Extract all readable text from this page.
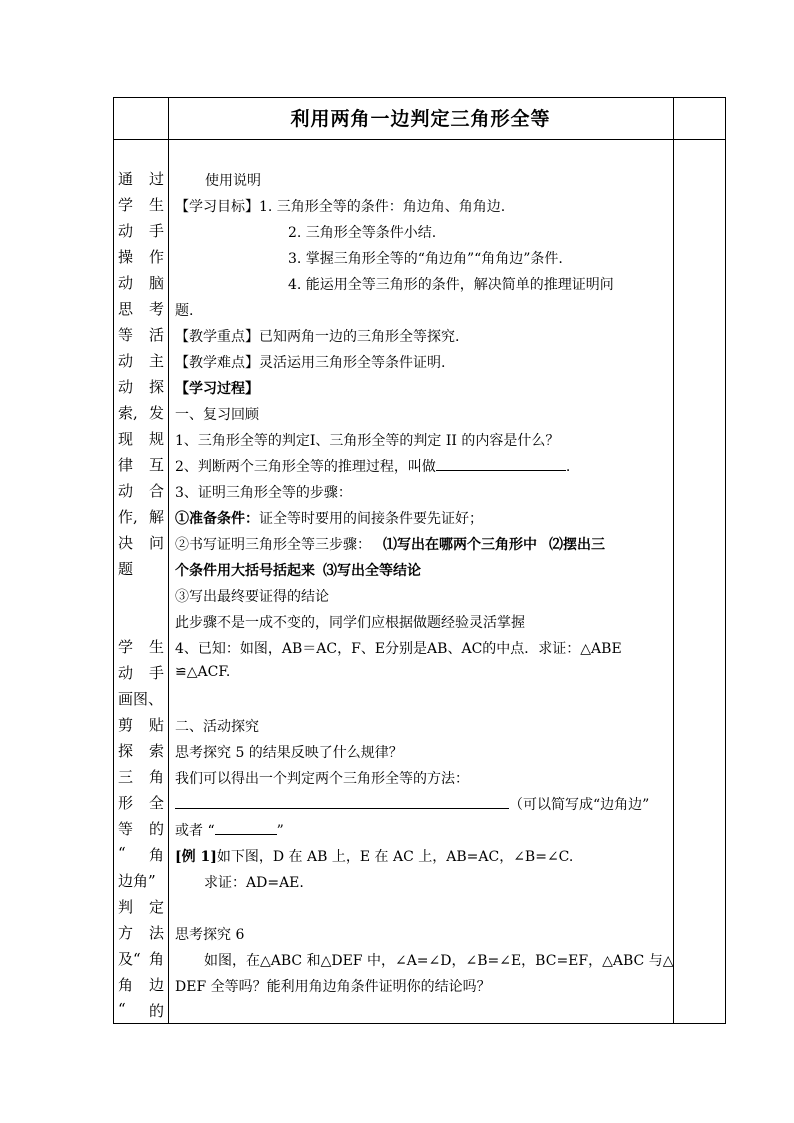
利用两角一边判定三角形全等
通 过
学 生
动 手
操 作
动 脑
思 考
等 活
动 主
动 探
索, 发
现 规
律 互
动 合
作, 解
决 问
题
学 生
动 手
画图、
剪 贴
探 索
三 角
形 全
等 的
“ 角
边角”
判 定
方 法
及“ 角
角 边
“ 的
使用说明
【学习目标】1. 三角形全等的条件：角边角、角角边.
2. 三角形全等条件小结.
3. 掌握三角形全等的“角边角”“角角边”条件.
4. 能运用全等三角形的条件，解决简单的推理证明问
题.
【教学重点】已知两角一边的三角形全等探究.
【教学难点】灵活运用三角形全等条件证明.
【学习过程】
一、复习回顾
1、三角形全等的判定Ⅰ、三角形全等的判定 II 的内容是什么？
2、判断两个三角形全等的推理过程，叫做	.
3、证明三角形全等的步骤：
①准备条件：证全等时要用的间接条件要先证好；
②书写证明三角形全等三步骤： ⑴写出在哪两个三角形中 ⑵摆出三
个条件用大括号括起来 ⑶写出全等结论
③写出最终要证得的结论
此步骤不是一成不变的，同学们应根据做题经验灵活掌握
4、已知：如图，AB＝AC，F、E分别是AB、AC的中点．求证：△ABE
≌△ACF.
二、活动探究
思考探究 5 的结果反映了什么规律？
我们可以得出一个判定两个三角形全等的方法：
（可以简写成“边角边”
或者 “	”
[例 1]如下图，D 在 AB 上，E 在 AC 上，AB=AC，∠B=∠C.
求证：AD=AE.
思考探究 6
如图，在△ABC 和△DEF 中，∠A=∠D，∠B=∠E，BC=EF，△ABC 与△
DEF 全等吗？能利用角边角条件证明你的结论吗？
